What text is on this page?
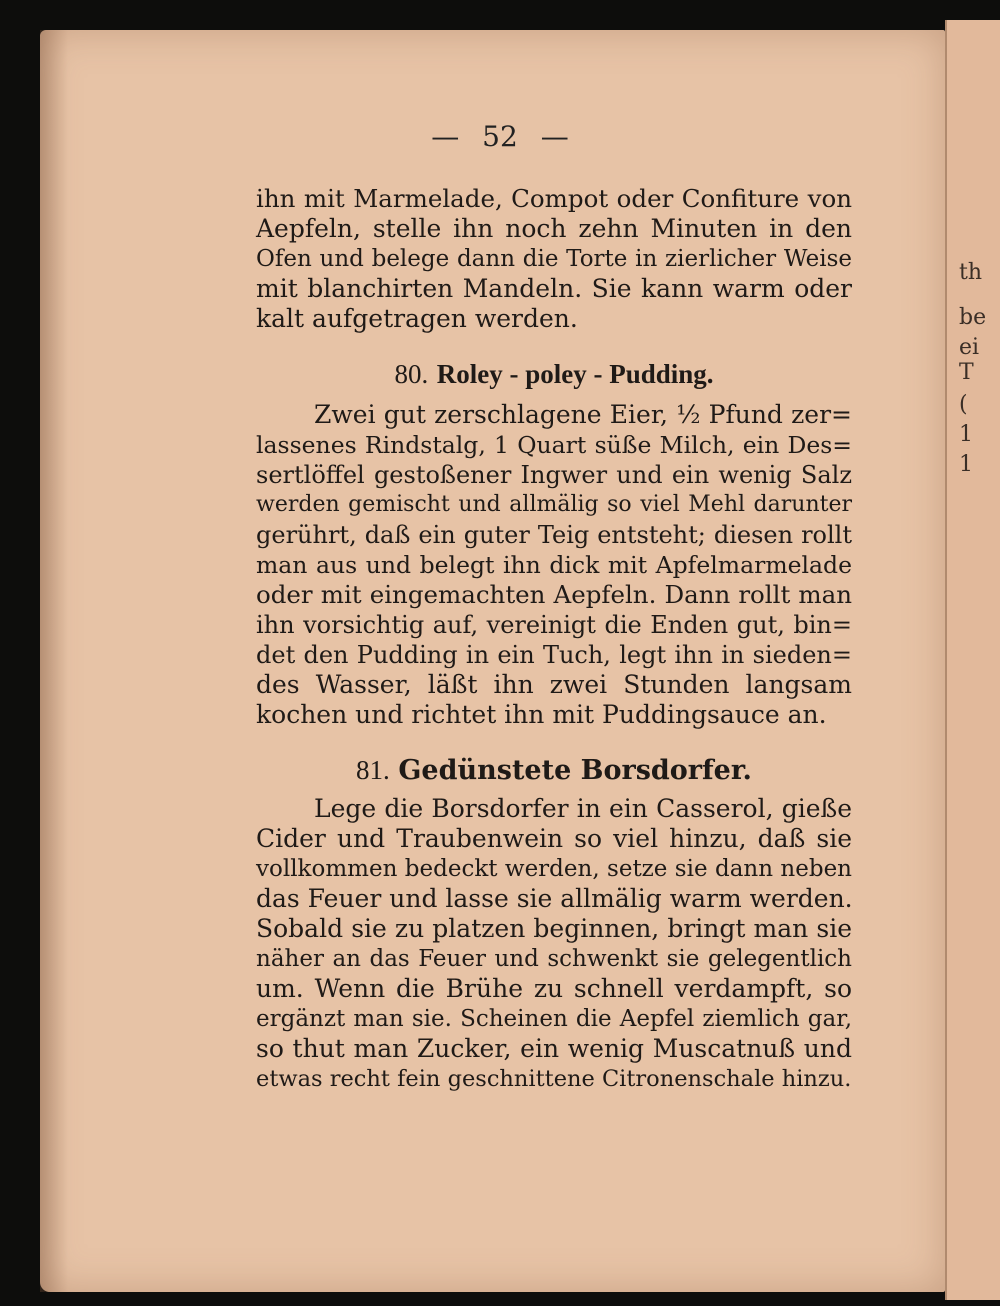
th
be
ei
T
(
1
1
— 52 —
ihn mit Marmelade, Compot oder Confiture von
Aepfeln, stelle ihn noch zehn Minuten in den
Ofen und belege dann die Torte in zierlicher Weise
mit blanchirten Mandeln. Sie kann warm oder
kalt aufgetragen werden.
80. Roley - poley - Pudding.
Zwei gut zerschlagene Eier, ½ Pfund zer=
lassenes Rindstalg, 1 Quart süße Milch, ein Des=
sertlöffel gestoßener Ingwer und ein wenig Salz
werden gemischt und allmälig so viel Mehl darunter
gerührt, daß ein guter Teig entsteht; diesen rollt
man aus und belegt ihn dick mit Apfelmarmelade
oder mit eingemachten Aepfeln. Dann rollt man
ihn vorsichtig auf, vereinigt die Enden gut, bin=
det den Pudding in ein Tuch, legt ihn in sieden=
des Wasser, läßt ihn zwei Stunden langsam
kochen und richtet ihn mit Puddingsauce an.
81. Gedünstete Borsdorfer.
Lege die Borsdorfer in ein Casserol, gieße
Cider und Traubenwein so viel hinzu, daß sie
vollkommen bedeckt werden, setze sie dann neben
das Feuer und lasse sie allmälig warm werden.
Sobald sie zu platzen beginnen, bringt man sie
näher an das Feuer und schwenkt sie gelegentlich
um. Wenn die Brühe zu schnell verdampft, so
ergänzt man sie. Scheinen die Aepfel ziemlich gar,
so thut man Zucker, ein wenig Muscatnuß und
etwas recht fein geschnittene Citronenschale hinzu.
